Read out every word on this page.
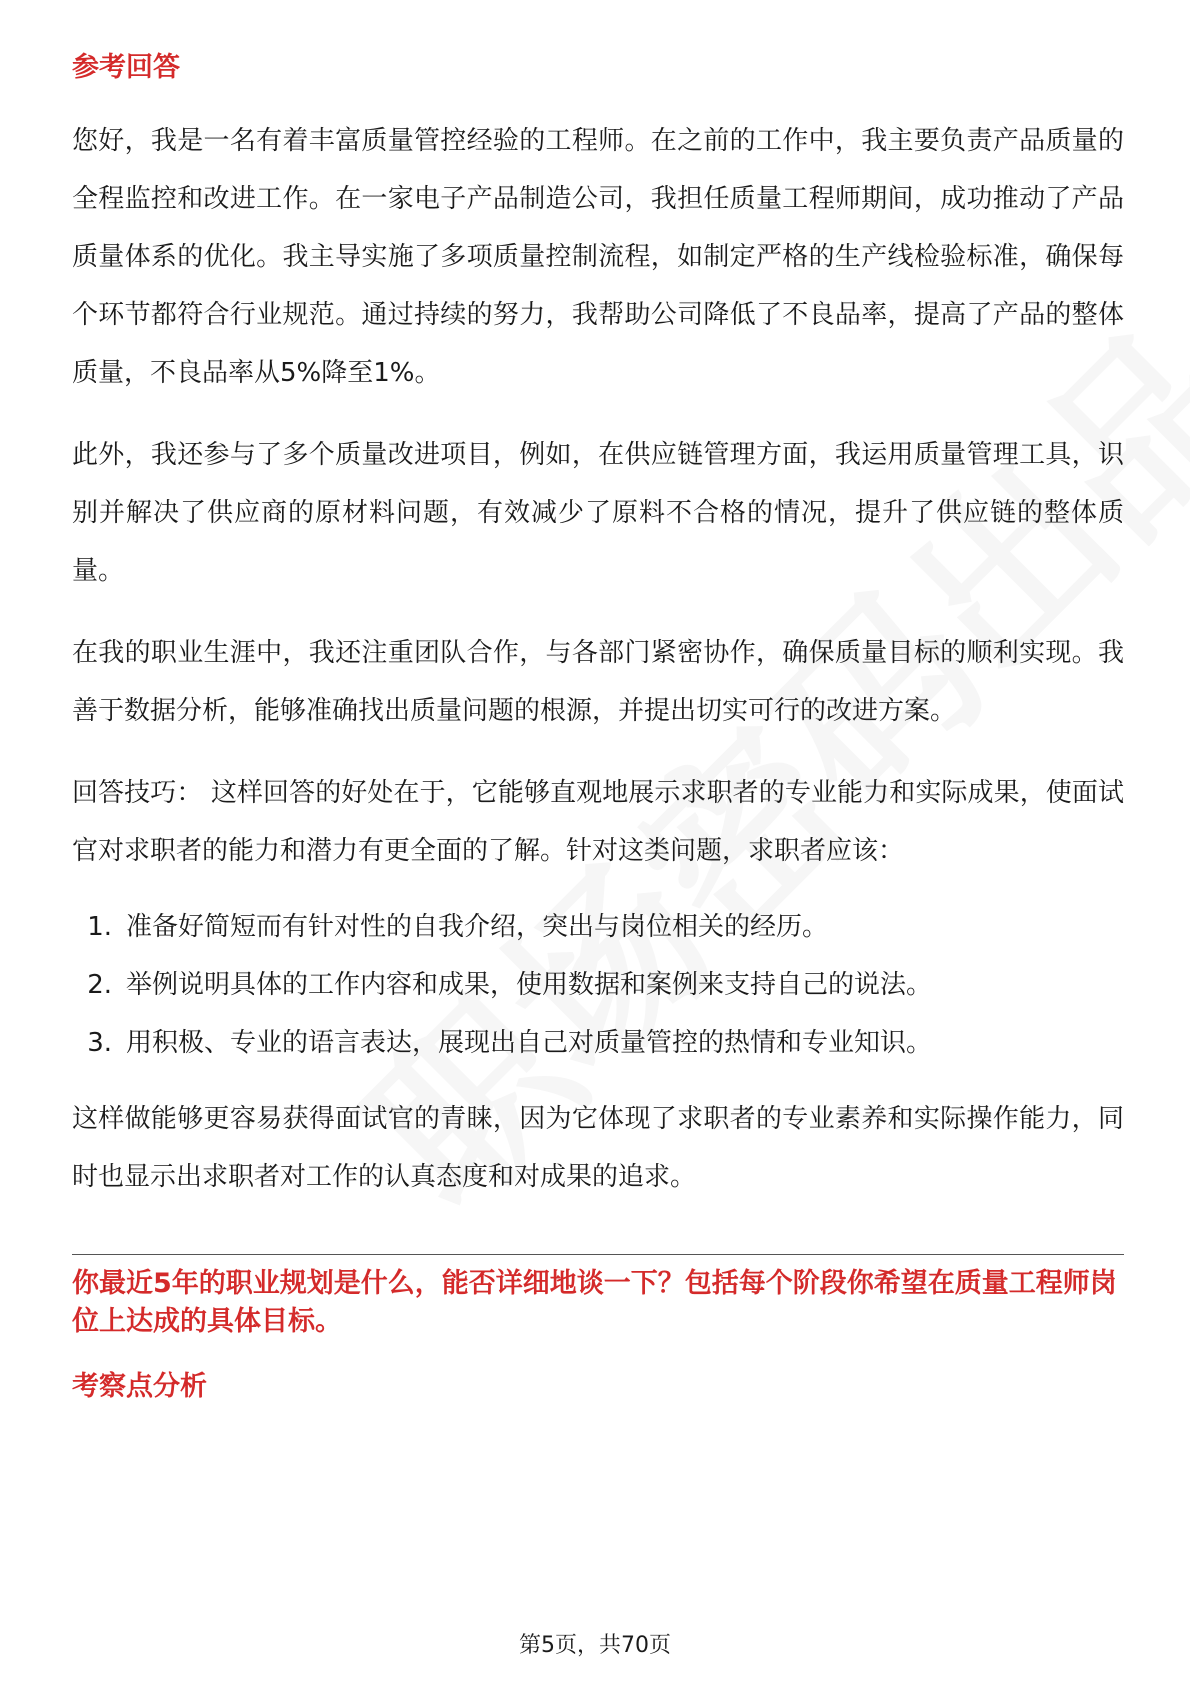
参考回答

您好，我是一名有着丰富质量管控经验的工程师。在之前的工作中，我主要负责产品质量的全程监控和改进工作。在一家电子产品制造公司，我担任质量工程师期间，成功推动了产品质量体系的优化。我主导实施了多项质量控制流程，如制定严格的生产线检验标准，确保每个环节都符合行业规范。通过持续的努力，我帮助公司降低了不良品率，提高了产品的整体质量，不良品率从5%降至1%。

此外，我还参与了多个质量改进项目，例如，在供应链管理方面，我运用质量管理工具，识别并解决了供应商的原材料问题，有效减少了原料不合格的情况，提升了供应链的整体质量。

在我的职业生涯中，我还注重团队合作，与各部门紧密协作，确保质量目标的顺利实现。我善于数据分析，能够准确找出质量问题的根源，并提出切实可行的改进方案。

回答技巧： 这样回答的好处在于，它能够直观地展示求职者的专业能力和实际成果，使面试官对求职者的能力和潜力有更全面的了解。针对这类问题，求职者应该：

1. 准备好简短而有针对性的自我介绍，突出与岗位相关的经历。
2. 举例说明具体的工作内容和成果，使用数据和案例来支持自己的说法。
3. 用积极、专业的语言表达，展现出自己对质量管控的热情和专业知识。

这样做能够更容易获得面试官的青睐，因为它体现了求职者的专业素养和实际操作能力，同时也显示出求职者对工作的认真态度和对成果的追求。

你最近5年的职业规划是什么，能否详细地谈一下？包括每个阶段你希望在质量工程师岗位上达成的具体目标。
考察点分析
第5页，共70页
